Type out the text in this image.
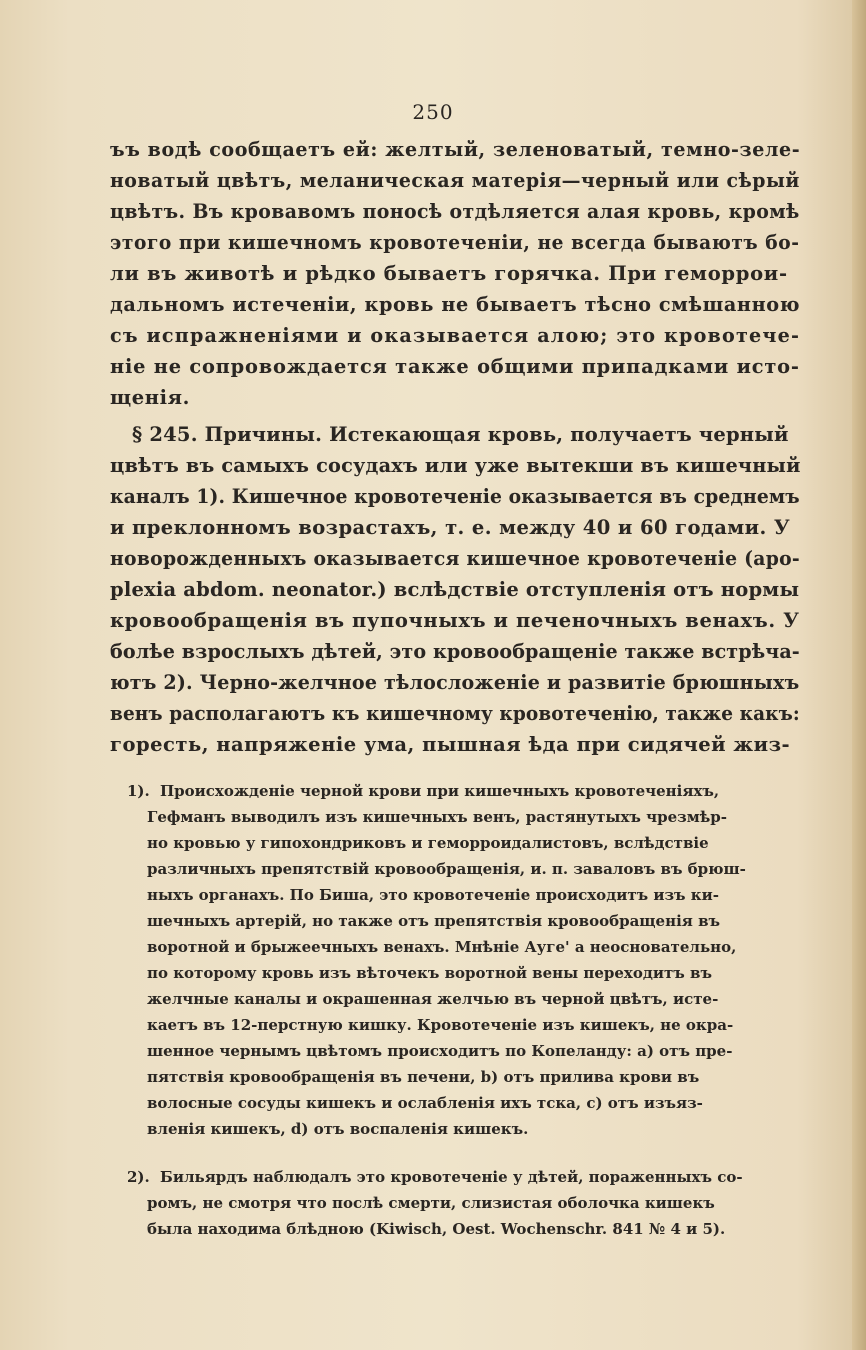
250
ъъ водѣ сообщаетъ ей: желтый, зеленоватый, темно-зеле-
новатый цвѣтъ, меланическая матерія—черный или сѣрый
цвѣтъ. Въ кровавомъ поносѣ отдѣляется алая кровь, кромѣ
этого при кишечномъ кровотеченіи, не всегда бываютъ бо-
ли въ животѣ и рѣдко бываетъ горячка. При геморрои-
дальномъ истеченіи, кровь не бываетъ тѣсно смѣшанною
съ испражненіями и оказывается алою; это кровотече-
ніе не сопровождается также общими припадками исто-
щенія.
§ 245. Причины. Истекающая кровь, получаетъ черный
цвѣтъ въ самыхъ сосудахъ или уже вытекши въ кишечный
каналъ 1). Кишечное кровотеченіе оказывается въ среднемъ
и преклонномъ возрастахъ, т. е. между 40 и 60 годами. У
новорожденныхъ оказывается кишечное кровотеченіе (apo-
plexia abdom. neonator.) вслѣдствіе отступленія отъ нормы
кровообращенія въ пупочныхъ и печеночныхъ венахъ. У
болѣе взрослыхъ дѣтей, это кровообращеніе также встрѣча-
ютъ 2). Черно-желчное тѣлосложеніе и развитіе брюшныхъ
венъ располагаютъ къ кишечному кровотеченію, также какъ:
горесть, напряженіе ума, пышная ѣда при сидячей жиз-
1). Происхожденіе черной крови при кишечныхъ кровотеченіяхъ,
Гефманъ выводилъ изъ кишечныхъ венъ, растянутыхъ чрезмѣр-
но кровью у гипохондриковъ и геморроидалистовъ, вслѣдствіе
различныхъ препятствій кровообращенія, и. п. заваловъ въ брюш-
ныхъ органахъ. По Биша, это кровотеченіе происходитъ изъ ки-
шечныхъ артерій, но также отъ препятствія кровообращенія въ
воротной и брыжеечныхъ венахъ. Мнѣніе Ауге' а неосновательно,
по которому кровь изъ вѣточекъ воротной вены переходитъ въ
желчные каналы и окрашенная желчью въ черной цвѣтъ, исте-
каетъ въ 12-перстную кишку. Кровотеченіе изъ кишекъ, не окра-
шенное чернымъ цвѣтомъ происходитъ по Копеланду: a) отъ пре-
пятствія кровообращенія въ печени, b) отъ прилива крови въ
волосные сосуды кишекъ и ослабленія ихъ тска, c) отъ изъяз-
вленія кишекъ, d) отъ воспаленія кишекъ.
2). Бильярдъ наблюдалъ это кровотеченіе у дѣтей, пораженныхъ со-
ромъ, не смотря что послѣ смерти, слизистая оболочка кишекъ
была находима блѣдною (Kiwisch, Oest. Wochenschr. 841 № 4 и 5).
